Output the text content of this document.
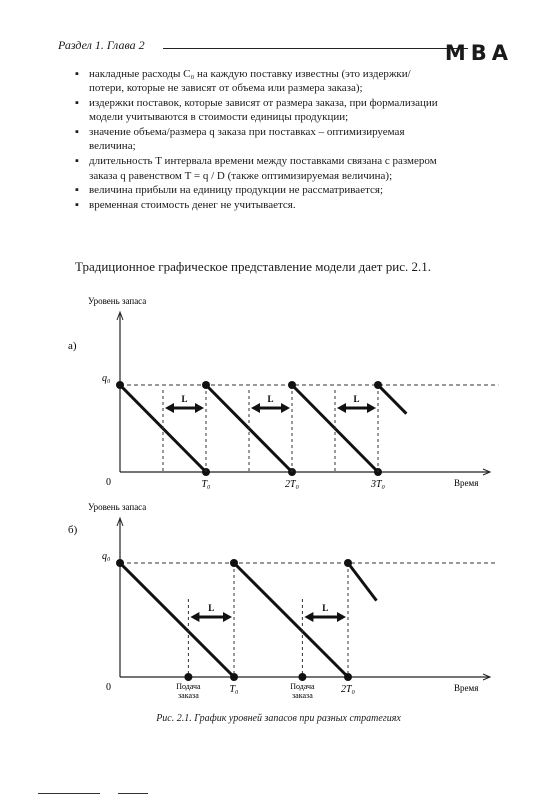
Раздел 1. Глава 2	MBA
▪ накладные расходы C₀ на каждую поставку известны (это издержки/потери, которые не зависят от объема или размера заказа);
▪ издержки поставок, которые зависят от размера заказа, при формализации модели учитываются в стоимости единицы продукции;
▪ значение объема/размера q заказа при поставках – оптимизируемая величина;
▪ длительность T интервала времени между поставками связана с размером заказа q равенством T = q / D (также оптимизируемая величина);
▪ величина прибыли на единицу продукции не рассматривается;
▪ временная стоимость денег не учитывается.
Традиционное графическое представление модели дает рис. 2.1.
Уровень запаса
а)
Время
0
q₀
L	L	L
T₀	2T₀	3T₀
Уровень запаса
б)
Время
0
q₀
L
Подача
заказа
L
Подача
заказа
T₀	2T₀
Рис. 2.1. График уровней запасов при разных стратегиях
